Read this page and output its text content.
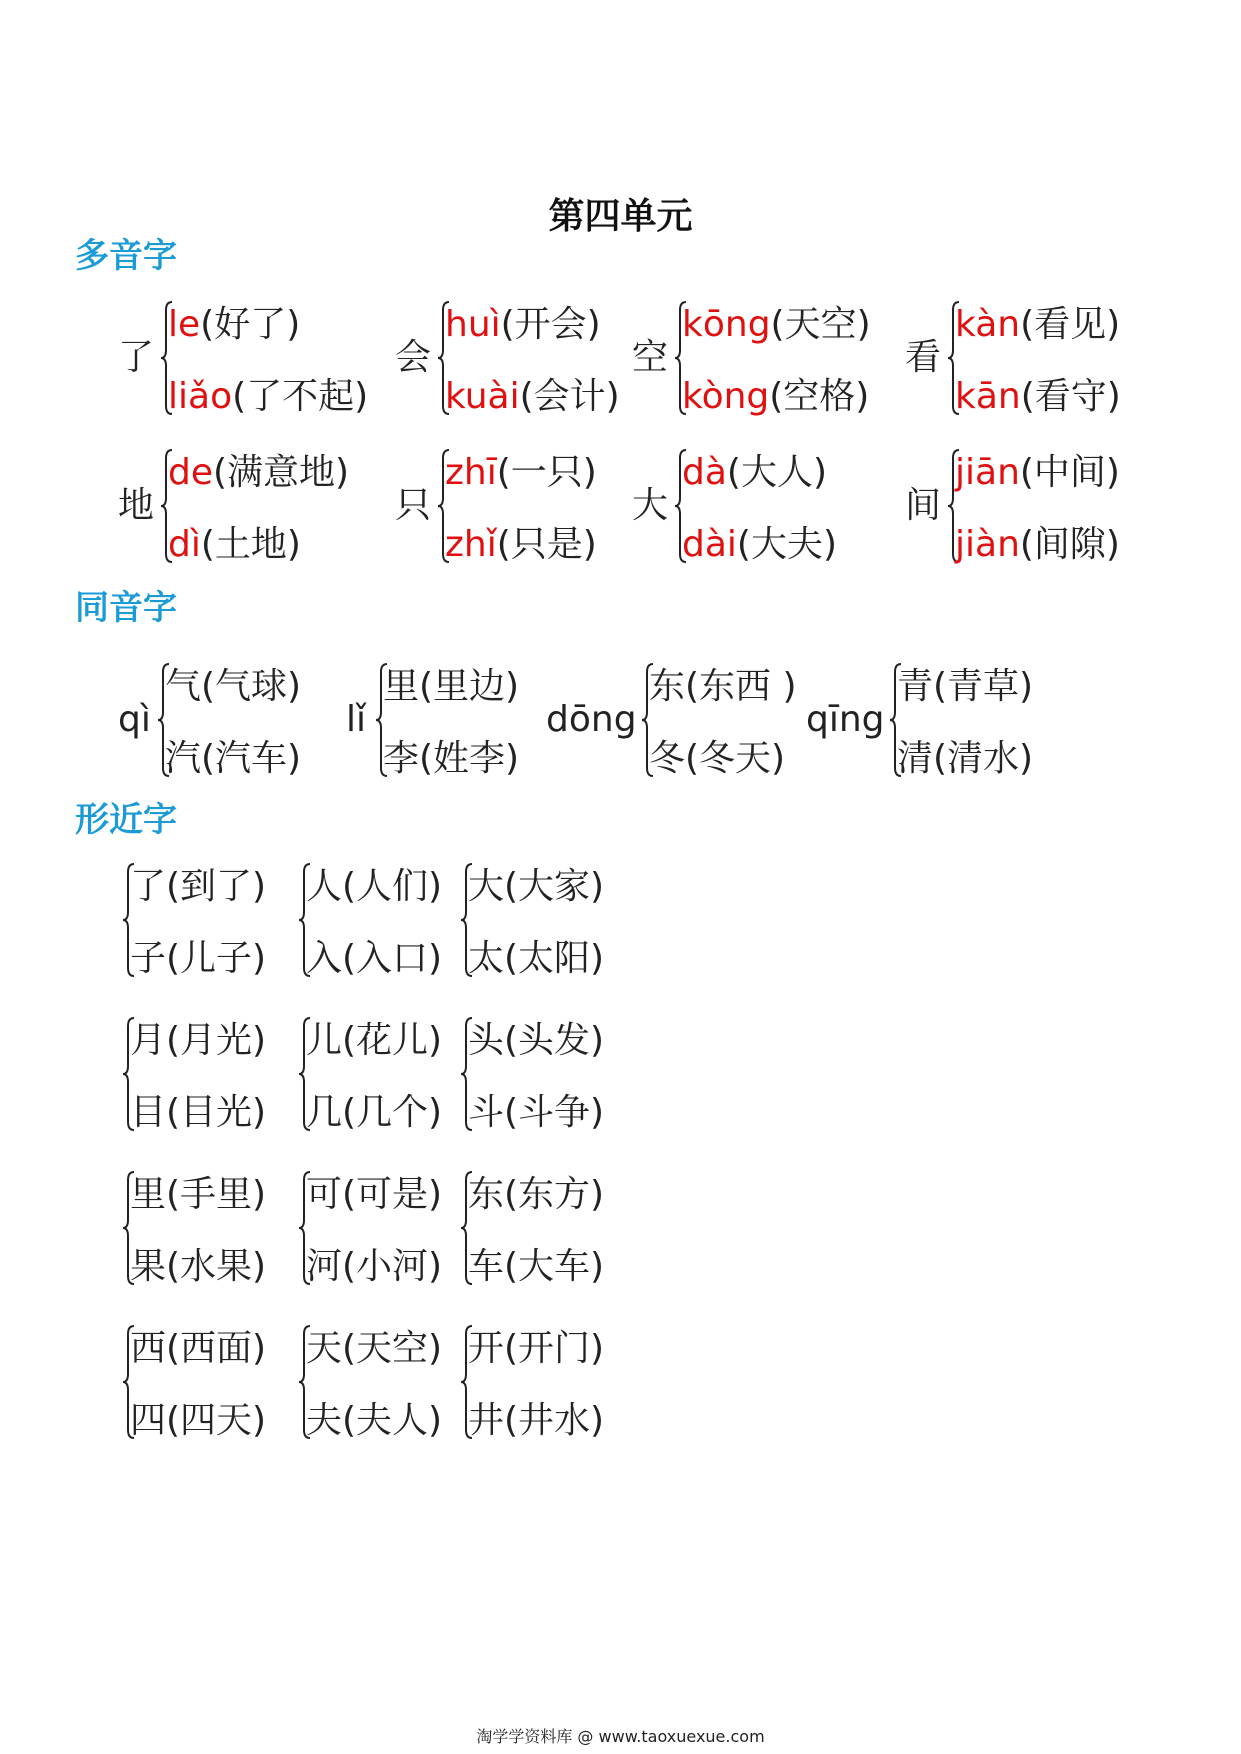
第四单元
多音字
同音字
形近字
了
le(好了)
liǎo(了不起)
会
huì(开会)
kuài(会计)
空
kōng(天空)
kòng(空格)
看
kàn(看见)
kān(看守)
地
de(满意地)
dì(土地)
只
zhī(一只)
zhǐ(只是)
大
dà(大人)
dài(大夫)
间
jiān(中间)
jiàn(间隙)
qì
气(气球)
汽(汽车)
lǐ
里(里边)
李(姓李)
dōng
东(东西 )
冬(冬天)
qīng
青(青草)
清(清水)
了(到了)
子(儿子)
人(人们)
入(入口)
大(大家)
太(太阳)
月(月光)
目(目光)
儿(花儿)
几(几个)
头(头发)
斗(斗争)
里(手里)
果(水果)
可(可是)
河(小河)
东(东方)
车(大车)
西(西面)
四(四天)
天(天空)
夫(夫人)
开(开门)
井(井水)
淘学学资料库 @ www.taoxuexue.com
